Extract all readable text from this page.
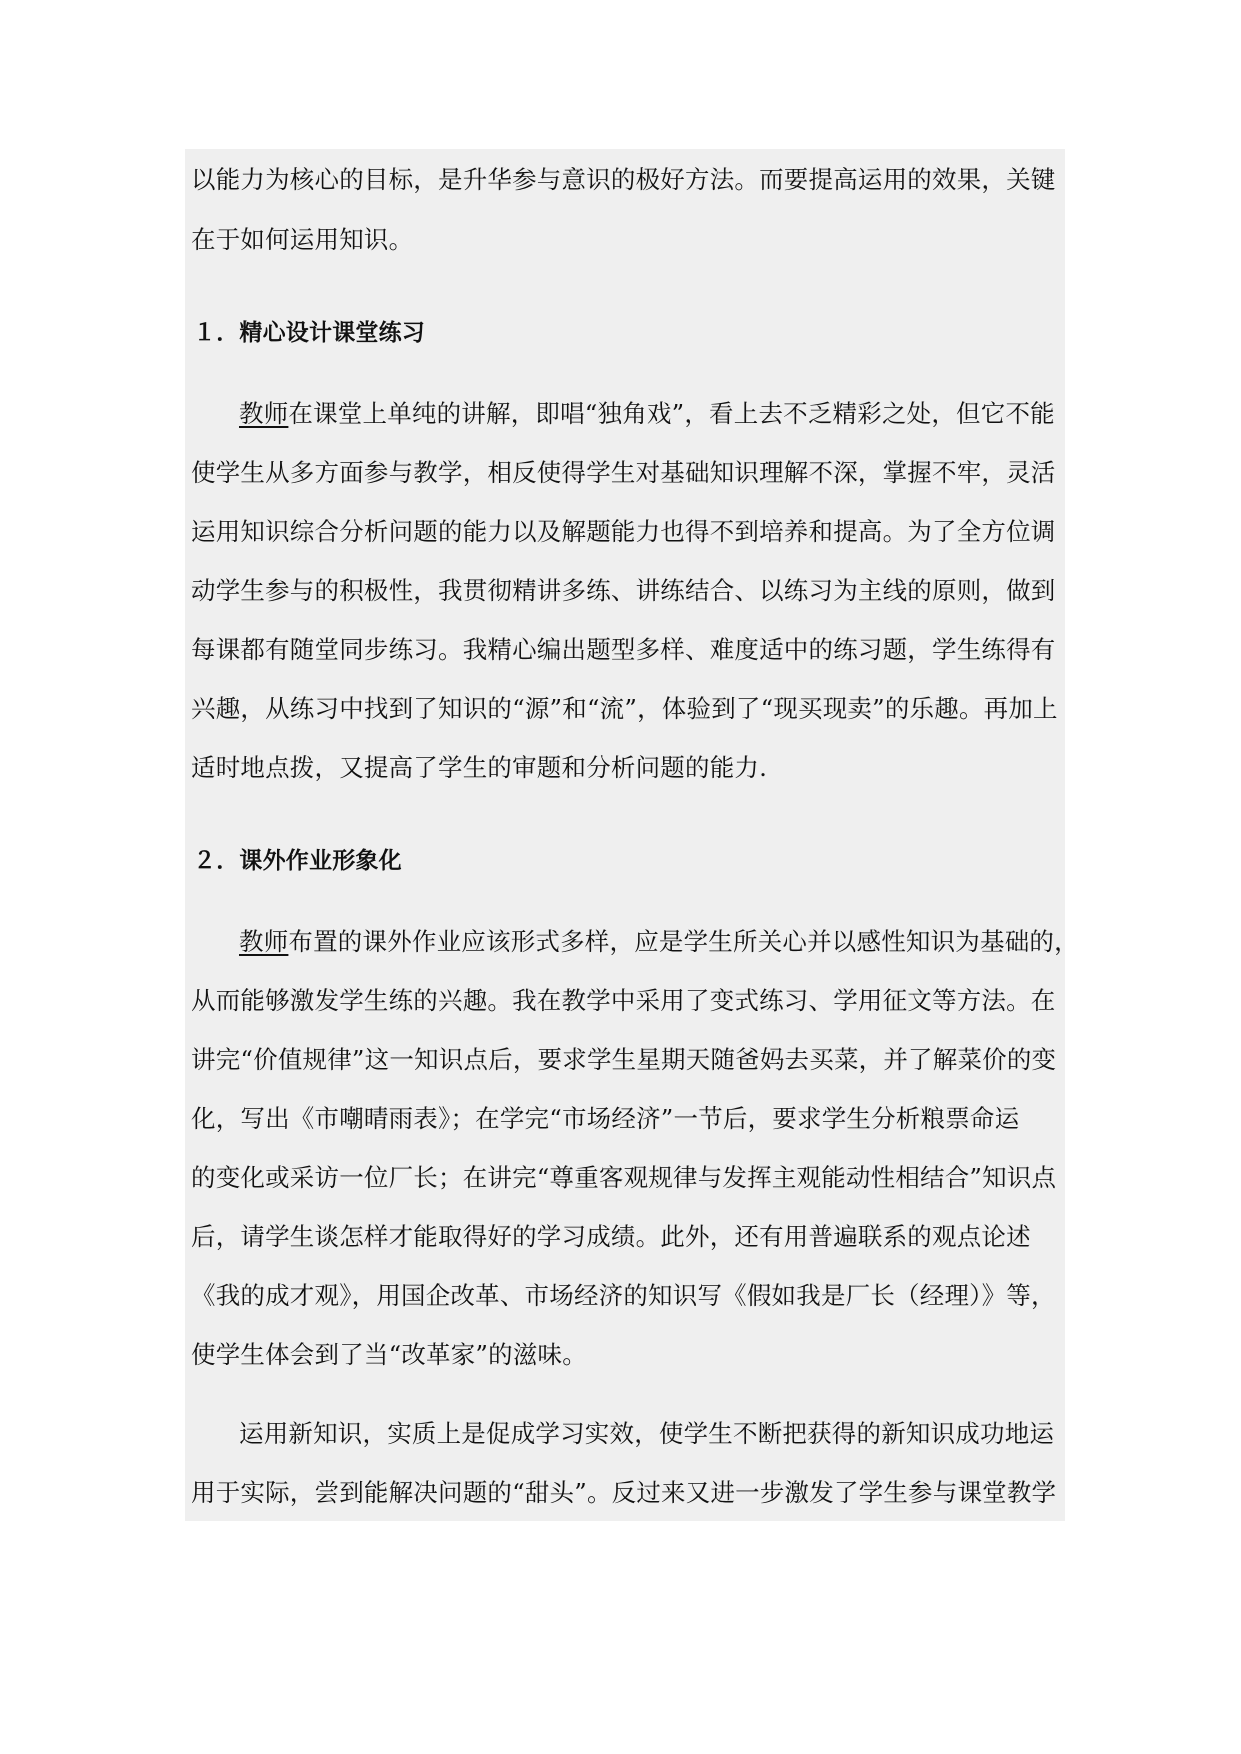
以能力为核心的目标，是升华参与意识的极好方法。而要提高运用的效果，关键
在于如何运用知识。
１．精心设计课堂练习
教师在课堂上单纯的讲解，即唱“独角戏”，看上去不乏精彩之处，但它不能
使学生从多方面参与教学，相反使得学生对基础知识理解不深，掌握不牢，灵活
运用知识综合分析问题的能力以及解题能力也得不到培养和提高。为了全方位调
动学生参与的积极性，我贯彻精讲多练、讲练结合、以练习为主线的原则，做到
每课都有随堂同步练习。我精心编出题型多样、难度适中的练习题，学生练得有
兴趣，从练习中找到了知识的“源”和“流”，体验到了“现买现卖”的乐趣。再加上
适时地点拨，又提高了学生的审题和分析问题的能力.
２．课外作业形象化
教师布置的课外作业应该形式多样，应是学生所关心并以感性知识为基础的，
从而能够激发学生练的兴趣。我在教学中采用了变式练习、学用征文等方法。在
讲完“价值规律”这一知识点后，要求学生星期天随爸妈去买菜，并了解菜价的变
化，写出《市嘲晴雨表》；在学完“市场经济”一节后，要求学生分析粮票命运
的变化或采访一位厂长；在讲完“尊重客观规律与发挥主观能动性相结合”知识点
后，请学生谈怎样才能取得好的学习成绩。此外，还有用普遍联系的观点论述
《我的成才观》，用国企改革、市场经济的知识写《假如我是厂长（经理）》等，
使学生体会到了当“改革家”的滋味。
运用新知识，实质上是促成学习实效，使学生不断把获得的新知识成功地运
用于实际，尝到能解决问题的“甜头”。反过来又进一步激发了学生参与课堂教学
